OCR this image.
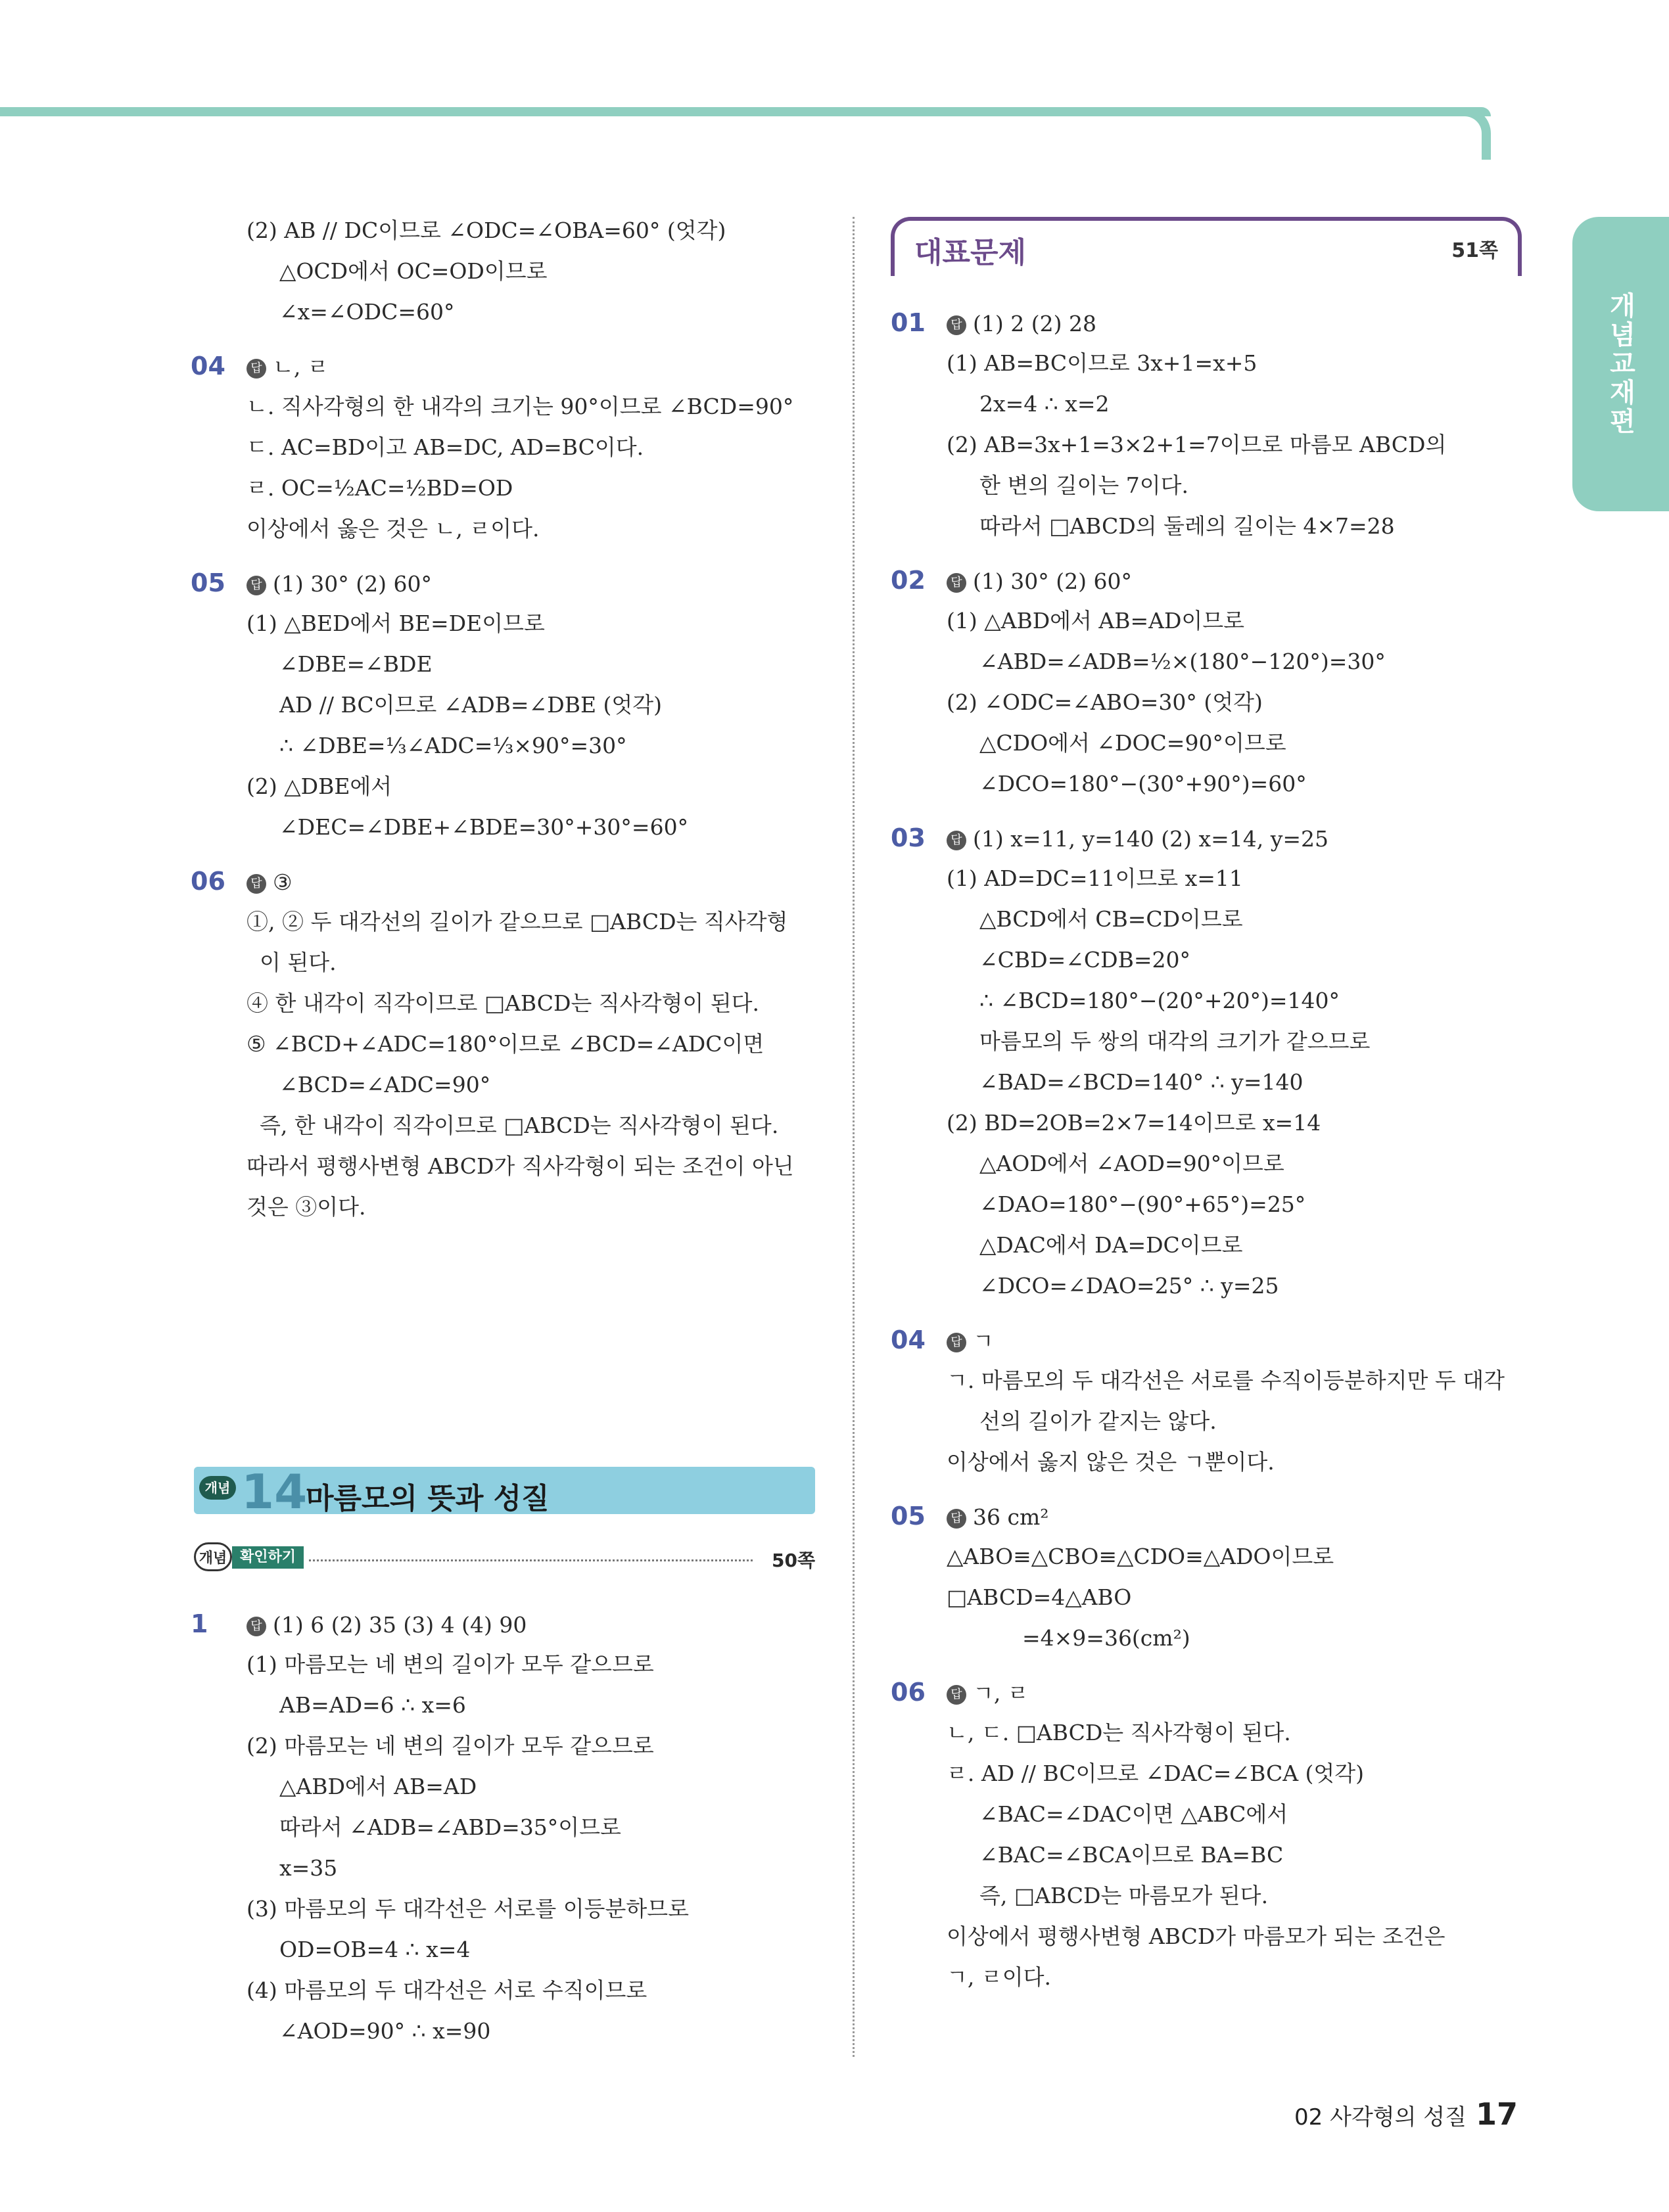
개념교재편
(2) AB // DC이므로 ∠ODC=∠OBA=60° (엇각)
△OCD에서 OC=OD이므로
∠x=∠ODC=60°
04 답 ㄴ, ㄹ
ㄴ. 직사각형의 한 내각의 크기는 90°이므로 ∠BCD=90°
ㄷ. AC=BD이고 AB=DC, AD=BC이다.
ㄹ. OC=½AC=½BD=OD
이상에서 옳은 것은 ㄴ, ㄹ이다.
05 답 (1) 30° (2) 60°
(1) △BED에서 BE=DE이므로
∠DBE=∠BDE
AD // BC이므로 ∠ADB=∠DBE (엇각)
∴ ∠DBE=⅓∠ADC=⅓×90°=30°
(2) △DBE에서
∠DEC=∠DBE+∠BDE=30°+30°=60°
06 답 ③
①, ② 두 대각선의 길이가 같으므로 □ABCD는 직사각형
이 된다.
④ 한 내각이 직각이므로 □ABCD는 직사각형이 된다.
⑤ ∠BCD+∠ADC=180°이므로 ∠BCD=∠ADC이면
∠BCD=∠ADC=90°
즉, 한 내각이 직각이므로 □ABCD는 직사각형이 된다.
따라서 평행사변형 ABCD가 직사각형이 되는 조건이 아닌
것은 ③이다.
개념 14
마름모의 뜻과 성질
개념 확인하기	50쪽
1	답 (1) 6 (2) 35 (3) 4 (4) 90
(1) 마름모는 네 변의 길이가 모두 같으므로
AB=AD=6 ∴ x=6
(2) 마름모는 네 변의 길이가 모두 같으므로
△ABD에서 AB=AD
따라서 ∠ADB=∠ABD=35°이므로
x=35
(3) 마름모의 두 대각선은 서로를 이등분하므로
OD=OB=4 ∴ x=4
(4) 마름모의 두 대각선은 서로 수직이므로
∠AOD=90° ∴ x=90
대표문제	51쪽
01 답 (1) 2 (2) 28
(1) AB=BC이므로 3x+1=x+5
2x=4 ∴ x=2
(2) AB=3x+1=3×2+1=7이므로 마름모 ABCD의
한 변의 길이는 7이다.
따라서 □ABCD의 둘레의 길이는 4×7=28
02 답 (1) 30° (2) 60°
(1) △ABD에서 AB=AD이므로
∠ABD=∠ADB=½×(180°−120°)=30°
(2) ∠ODC=∠ABO=30° (엇각)
△CDO에서 ∠DOC=90°이므로
∠DCO=180°−(30°+90°)=60°
03 답 (1) x=11, y=140 (2) x=14, y=25
(1) AD=DC=11이므로 x=11
△BCD에서 CB=CD이므로
∠CBD=∠CDB=20°
∴ ∠BCD=180°−(20°+20°)=140°
마름모의 두 쌍의 대각의 크기가 같으므로
∠BAD=∠BCD=140° ∴ y=140
(2) BD=2OB=2×7=14이므로 x=14
△AOD에서 ∠AOD=90°이므로
∠DAO=180°−(90°+65°)=25°
△DAC에서 DA=DC이므로
∠DCO=∠DAO=25° ∴ y=25
04 답 ㄱ
ㄱ. 마름모의 두 대각선은 서로를 수직이등분하지만 두 대각
선의 길이가 같지는 않다.
이상에서 옳지 않은 것은 ㄱ뿐이다.
05 답 36 cm²
△ABO≡△CBO≡△CDO≡△ADO이므로
□ABCD=4△ABO
=4×9=36(cm²)
06 답 ㄱ, ㄹ
ㄴ, ㄷ. □ABCD는 직사각형이 된다.
ㄹ. AD // BC이므로 ∠DAC=∠BCA (엇각)
∠BAC=∠DAC이면 △ABC에서
∠BAC=∠BCA이므로 BA=BC
즉, □ABCD는 마름모가 된다.
이상에서 평행사변형 ABCD가 마름모가 되는 조건은
ㄱ, ㄹ이다.
02 사각형의 성질 17
